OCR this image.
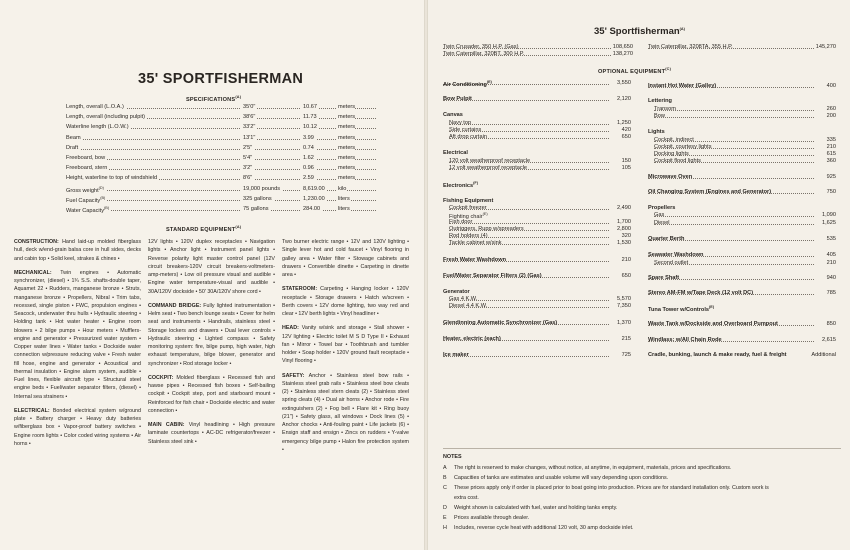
35' SPORTFISHERMAN
$SPECIFICATIONS^{(A)}$
Length, overall (L.O.A.)	35'0"	10.67	meters
Length, overall (including pulpit)	38'6"	11.73	meters
Waterline length (L.O.W.)	33'2"	10.12	meters
Beam	13'1"	3.99	meters
Draft	2'5"	0.74	meters
Freeboard, bow	5'4"	1.62	meters
Freeboard, stern	3'2"	0.96	meters
Height, waterline to top of windshield	8'6"	2.59	meters
Gross weight$^{(D)}$	19,000 pounds	8,619.00	kilo
Fuel Capacity$^{(B)}$	325 gallons	1,230.00	liters
Water Capacity$^{(B)}$	75 gallons	284.00	liters
STANDARD $EQUIPMENT^{(A)}$

CONSTRUCTION: Hand laid-up molded fiberglass hull, deck w/end-grain balsa core in hull sides, decks and cabin top • Solid keel, strakes & chines •

MECHANICAL: Twin engines • Automatic synchronizer, (diesel) • 1¾ S.S. shafts-double taper, Aquamet 22 • Rudders, manganese bronze • Struts, manganese bronze • Propellers, Nibral • Trim tabs, recessed, single piston • FWC, propulsion engines • Seacock, underwater thru hulls • Hydraulic steering • Holding tank • Hot water heater • Engine room blowers • 2 bilge pumps • Hour meters • Mufflers-engine and generator • Pressurized water system • Copper water lines • Water tanks • Dockside water connection w/pressure reducing valve • Fresh water fill hose, engine and generator • Acoustical and thermal insulation • Engine alarm system, audible • Fuel lines, flexible aircraft type • Structural steel engine beds • Fuel/water separator filters, (diesel) • Internal sea strainers •

ELECTRICAL: Bonded electrical system w/ground plate • Battery charger • Heavy duty batteries w/fiberglass box • Vapor-proof battery switches • Engine room lights • Color coded wiring systems • Air horns •

12V lights • 120V duplex receptacles • Navigation lights • Anchor light • Instrument panel lights • Reverse polarity light master control panel (12V circuit breakers-120V circuit breakers-voltmeters-amp-meters) • Low oil pressure visual and audible • Engine water temperature-visual and audible • 30A/120V dockside • 50' 30A/120V shore cord •

COMMAND BRIDGE: Fully lighted instrumentation • Helm seat • Two bench lounge seats • Cover for helm seat and instruments • Handrails, stainless steel • Storage lockers and drawers • Dual lever controls • Hydraulic steering • Lighted compass • Safety monitoring system: fire, bilge pump, high water, high exhaust temperature, bilge blower, generator and synchronizer • Rod storage locker •

COCKPIT: Molded fiberglass • Recessed fish and hawse pipes • Recessed fish boxes • Self-bailing cockpit • Cockpit step, port and starboard mount • Reinforced for fish chair • Dockside electric and water connection •

MAIN CABIN: Vinyl headlining • High pressure laminate countertops • AC-DC refrigerator/freezer • Stainless steel sink •

Two burner electric range • 12V and 120V lighting • Single lever hot and cold faucet • Vinyl flooring in galley area • Water filter • Stowage cabinets and drawers • Convertible dinette • Carpeting in dinette area •

STATEROOM: Carpeting • Hanging locker • 120V receptacle • Storage drawers • Hatch w/screen • Berth covers • 12V dome lighting, two way red and clear • 12V berth lights • Vinyl headliner •

HEAD: Vanity w/sink and storage • Stall shower • 12V lighting • Electric toilet M S D Type II • Exhaust fan • Mirror • Towel bar • Toothbrush and tumbler holder • Soap holder • 120V ground fault receptacle • Vinyl flooring •

SAFETY: Anchor • Stainless steel bow rails • Stainless steel grab rails • Stainless steel bow cleats (2) • Stainless steel stern cleats (2) • Stainless steel spring cleats (4) • Dual air horns • Anchor rode • Fire extinguishers (2) • Fog bell • Flare kit • Ring buoy (21") • Safety glass, all windows • Dock lines (5) • Anchor chocks • Anti-fouling paint • Life jackets (6) • Ensign staff and ensign • Zincs on rudders • Y-valve emergency bilge pump • Halon fire protection system •

35' Sportfisherman$^{(A)}$
Twin Crusader, 350 H.P. (Gas)	108,650
Twin Caterpillar, 320BT, 300 H.P.	138,270
Twin Caterpillar, 3208TA, 355 H.P.	145,270
OPTIONAL $EQUIPMENT^{(C)}$
Air Conditioning$^{(E)}$	3,550
Bow Pulpit	2,120
Canvas
Navy top	1,250
Side curtains	420
Aft drop curtain	650
Electrical
120 volt weatherproof receptacle	150
12 volt weatherproof receptacle	105
Electronics$^{(F)}$
Fishing Equipment
Cockpit freezer	2,490
Fighting chair$^{(E)}$
Fish door	1,700
Outriggers, Rupp w/spreaders	2,800
Rod holders (4)	320
Tackle cabinet w/sink	1,530
Fresh Water Washdown	210
Fuel/Water Separator Filters (2) (Gas)	650
Generator
Gas 4 K.W.	5,570
Diesel 4.4 K.W.	7,350
Glendinning Automatic Synchronizer (Gas)	1,370
Heater, electric (each)	215
Ice maker	725
Instant Hot Water (Galley)	400
Lettering
Transom	260
Bow	200
Lights
Cockpit, indirect	335
Cockpit, courtesy lights	210
Docking lights	615
Cockpit flood lights	360
Microwave Oven	925
Oil Changing System (Engines and Generator)	750
Propellers
Gas	1,090
Diesel	1,625
Quarter Berth	535
Seawater Washdown	405
Second outlet	210
Spare Shaft	940
Stereo AM-FM w/Tape Deck (12 volt DC)	785
Tuna Tower w/Controls$^{(E)}$
Waste Tank w/Dockside and Overboard Pumpout	850
Windlass: w/All Chain Rode	2,615
Cradle, bunking, launch & make ready, fuel & freight	Additional
NOTES
A The right is reserved to make changes, without notice, at anytime, in equipment, materials, prices and specifications.
B Capacities of tanks are estimates and usable volume will vary depending upon conditions.
C These prices apply only if order is placed prior to boat going into production. Prices are for standard installation only. Custom work is
extra cost.
D Weight shown is calculated with fuel, water and holding tanks empty.
E Prices available through dealer.
H Includes, reverse cycle heat with additional 120 volt, 30 amp dockside inlet.
